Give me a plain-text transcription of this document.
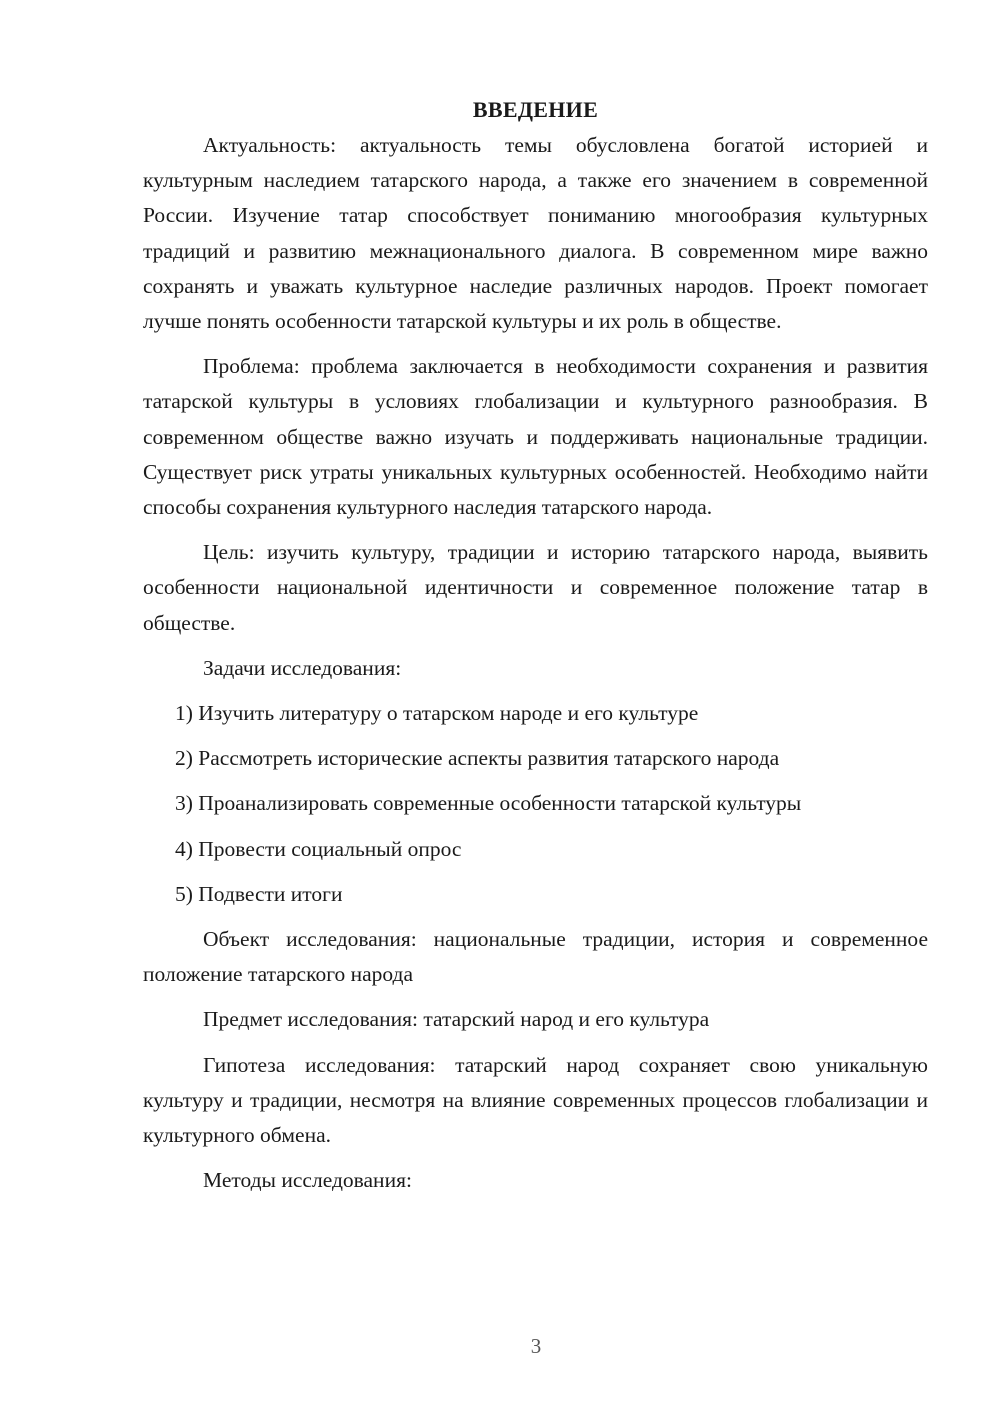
ВВЕДЕНИЕ

Актуальность: актуальность темы обусловлена богатой историей и культурным наследием татарского народа, а также его значением в современной России. Изучение татар способствует пониманию многообразия культурных традиций и развитию межнационального диалога. В современном мире важно сохранять и уважать культурное наследие различных народов. Проект помогает лучше понять особенности татарской культуры и их роль в обществе.

Проблема: проблема заключается в необходимости сохранения и развития татарской культуры в условиях глобализации и культурного разнообразия. В современном обществе важно изучать и поддерживать национальные традиции. Существует риск утраты уникальных культурных особенностей. Необходимо найти способы сохранения культурного наследия татарского народа.

Цель: изучить культуру, традиции и историю татарского народа, выявить особенности национальной идентичности и современное положение татар в обществе.

Задачи исследования:

1) Изучить литературу о татарском народе и его культуре
2) Рассмотреть исторические аспекты развития татарского народа
3) Проанализировать современные особенности татарской культуры
4) Провести социальный опрос
5) Подвести итоги

Объект исследования: национальные традиции, история и современное положение татарского народа

Предмет исследования: татарский народ и его культура

Гипотеза исследования: татарский народ сохраняет свою уникальную культуру и традиции, несмотря на влияние современных процессов глобализации и культурного обмена.

Методы исследования:

3
